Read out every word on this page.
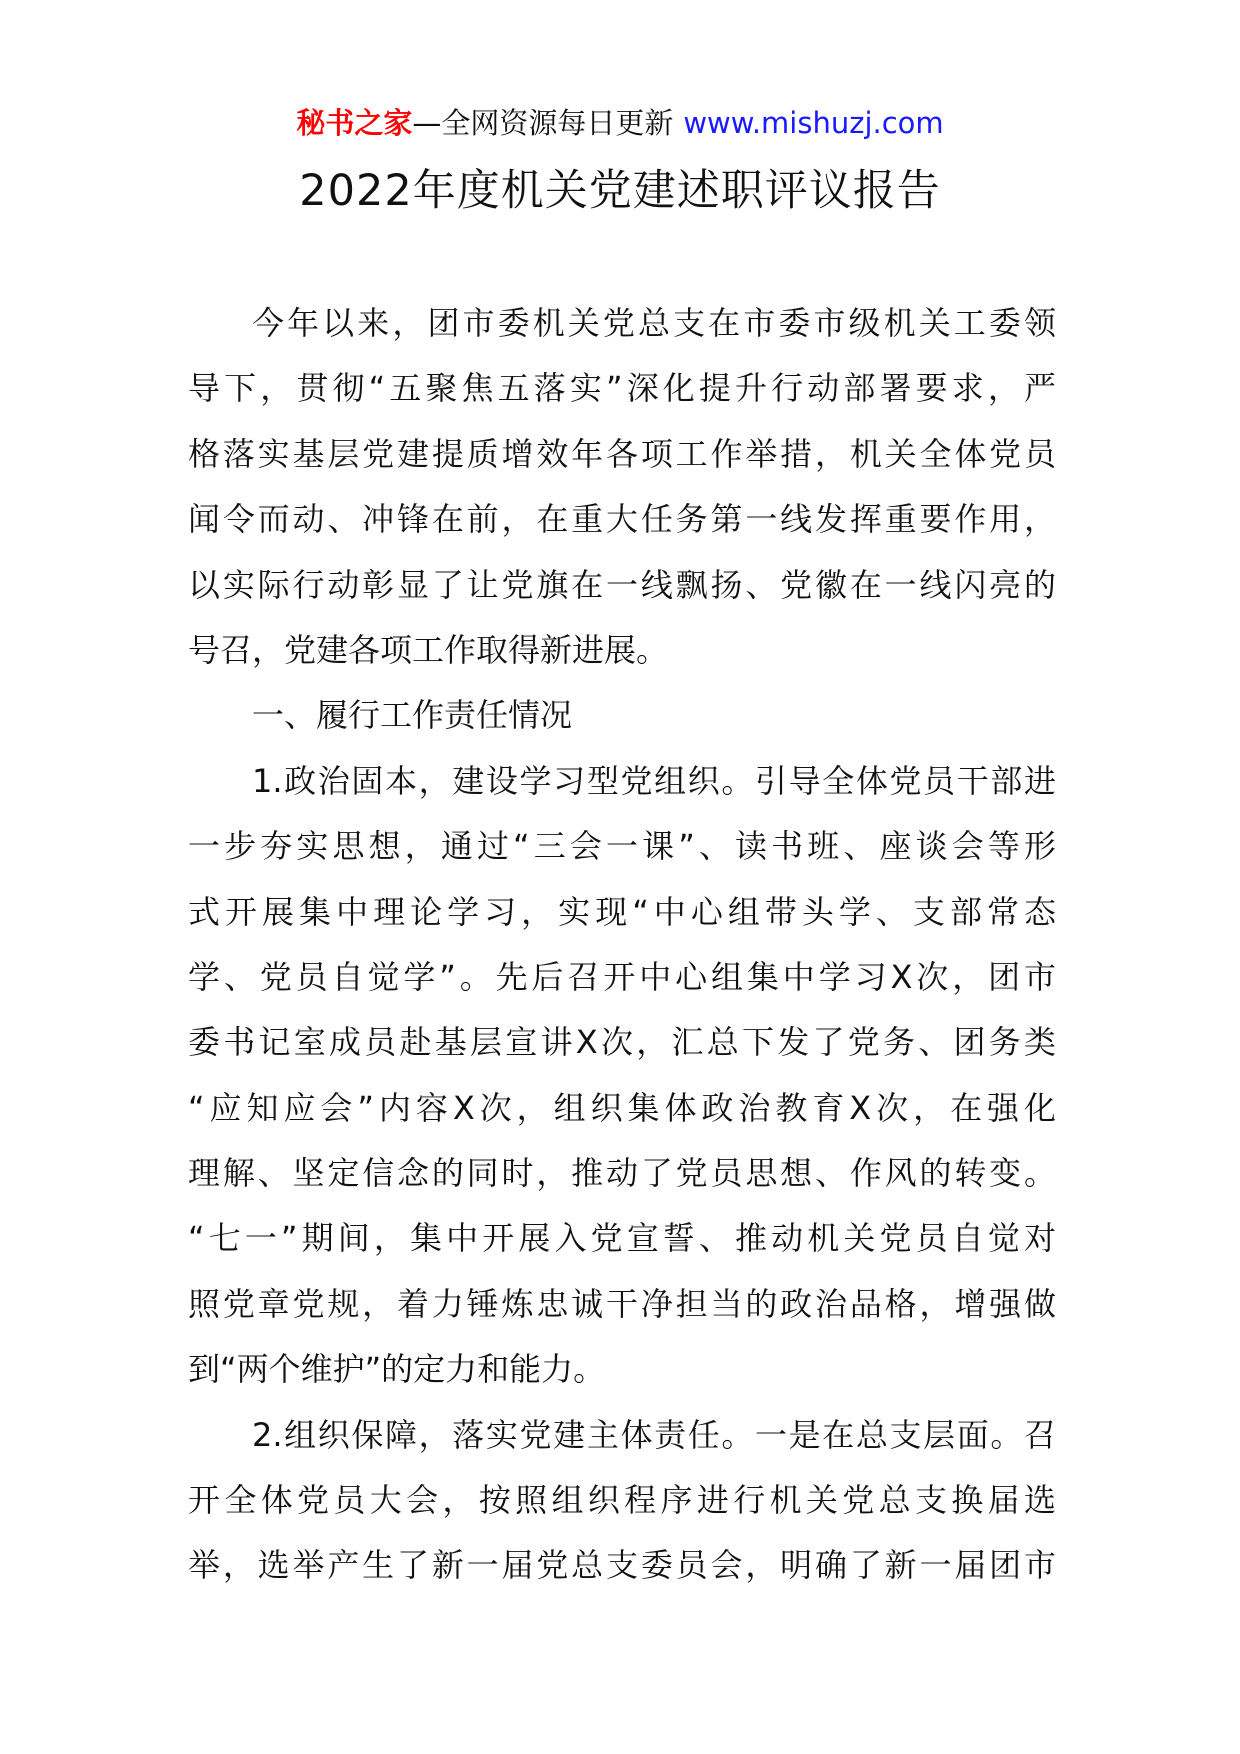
秘书之家—全网资源每日更新 www.mishuzj.com
2022年度机关党建述职评议报告
今年以来，团市委机关党总支在市委市级机关工委领
导下，贯彻“五聚焦五落实”深化提升行动部署要求，严
格落实基层党建提质增效年各项工作举措，机关全体党员
闻令而动、冲锋在前，在重大任务第一线发挥重要作用，
以实际行动彰显了让党旗在一线飘扬、党徽在一线闪亮的
号召，党建各项工作取得新进展。
一、履行工作责任情况
1.政治固本，建设学习型党组织。引导全体党员干部进
一步夯实思想，通过“三会一课”、读书班、座谈会等形
式开展集中理论学习，实现“中心组带头学、支部常态
学、党员自觉学”。先后召开中心组集中学习X次，团市
委书记室成员赴基层宣讲X次，汇总下发了党务、团务类
“应知应会”内容X次，组织集体政治教育X次，在强化
理解、坚定信念的同时，推动了党员思想、作风的转变。
“七一”期间，集中开展入党宣誓、推动机关党员自觉对
照党章党规，着力锤炼忠诚干净担当的政治品格，增强做
到“两个维护”的定力和能力。
2.组织保障，落实党建主体责任。一是在总支层面。召
开全体党员大会，按照组织程序进行机关党总支换届选
举，选举产生了新一届党总支委员会，明确了新一届团市
